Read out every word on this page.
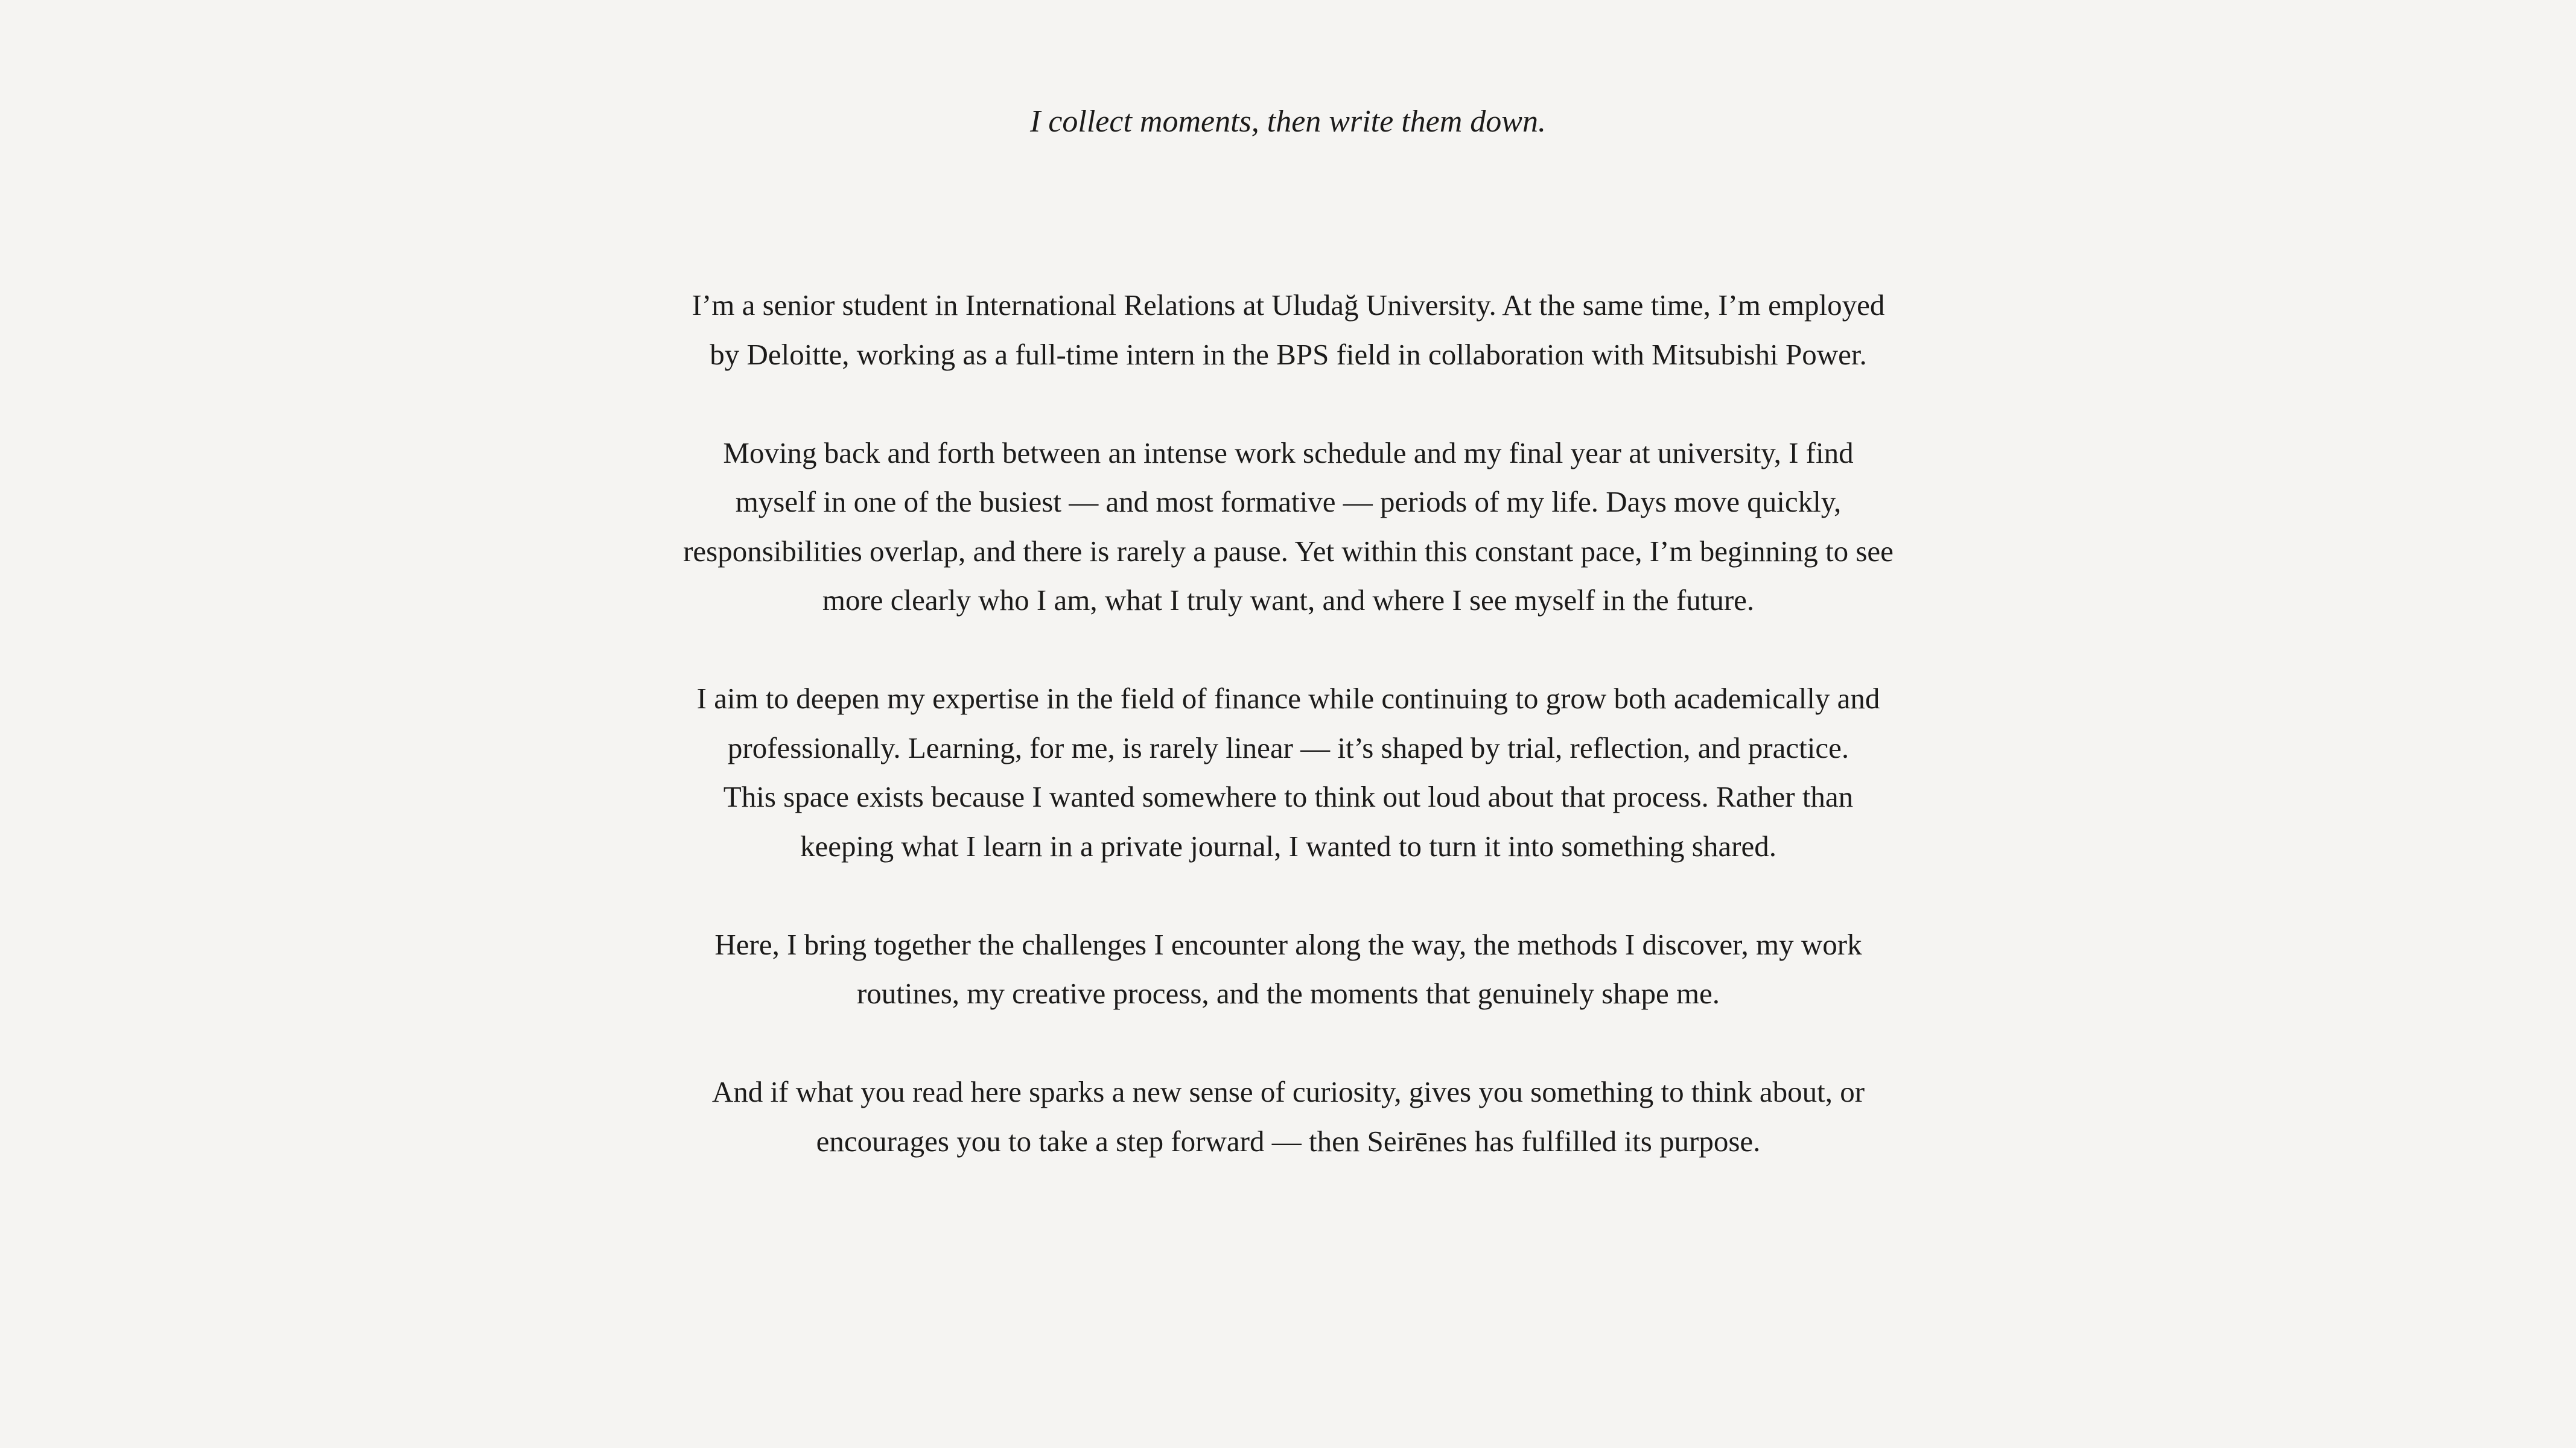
I collect moments, then write them down.

I’m a senior student in International Relations at Uludağ University. At the same time, I’m employed
by Deloitte, working as a full-time intern in the BPS field in collaboration with Mitsubishi Power.

Moving back and forth between an intense work schedule and my final year at university, I find
myself in one of the busiest — and most formative — periods of my life. Days move quickly,
responsibilities overlap, and there is rarely a pause. Yet within this constant pace, I’m beginning to see
more clearly who I am, what I truly want, and where I see myself in the future.

I aim to deepen my expertise in the field of finance while continuing to grow both academically and
professionally. Learning, for me, is rarely linear — it’s shaped by trial, reflection, and practice.
This space exists because I wanted somewhere to think out loud about that process. Rather than
keeping what I learn in a private journal, I wanted to turn it into something shared.

Here, I bring together the challenges I encounter along the way, the methods I discover, my work
routines, my creative process, and the moments that genuinely shape me.

And if what you read here sparks a new sense of curiosity, gives you something to think about, or
encourages you to take a step forward — then Seirēnes has fulfilled its purpose.
